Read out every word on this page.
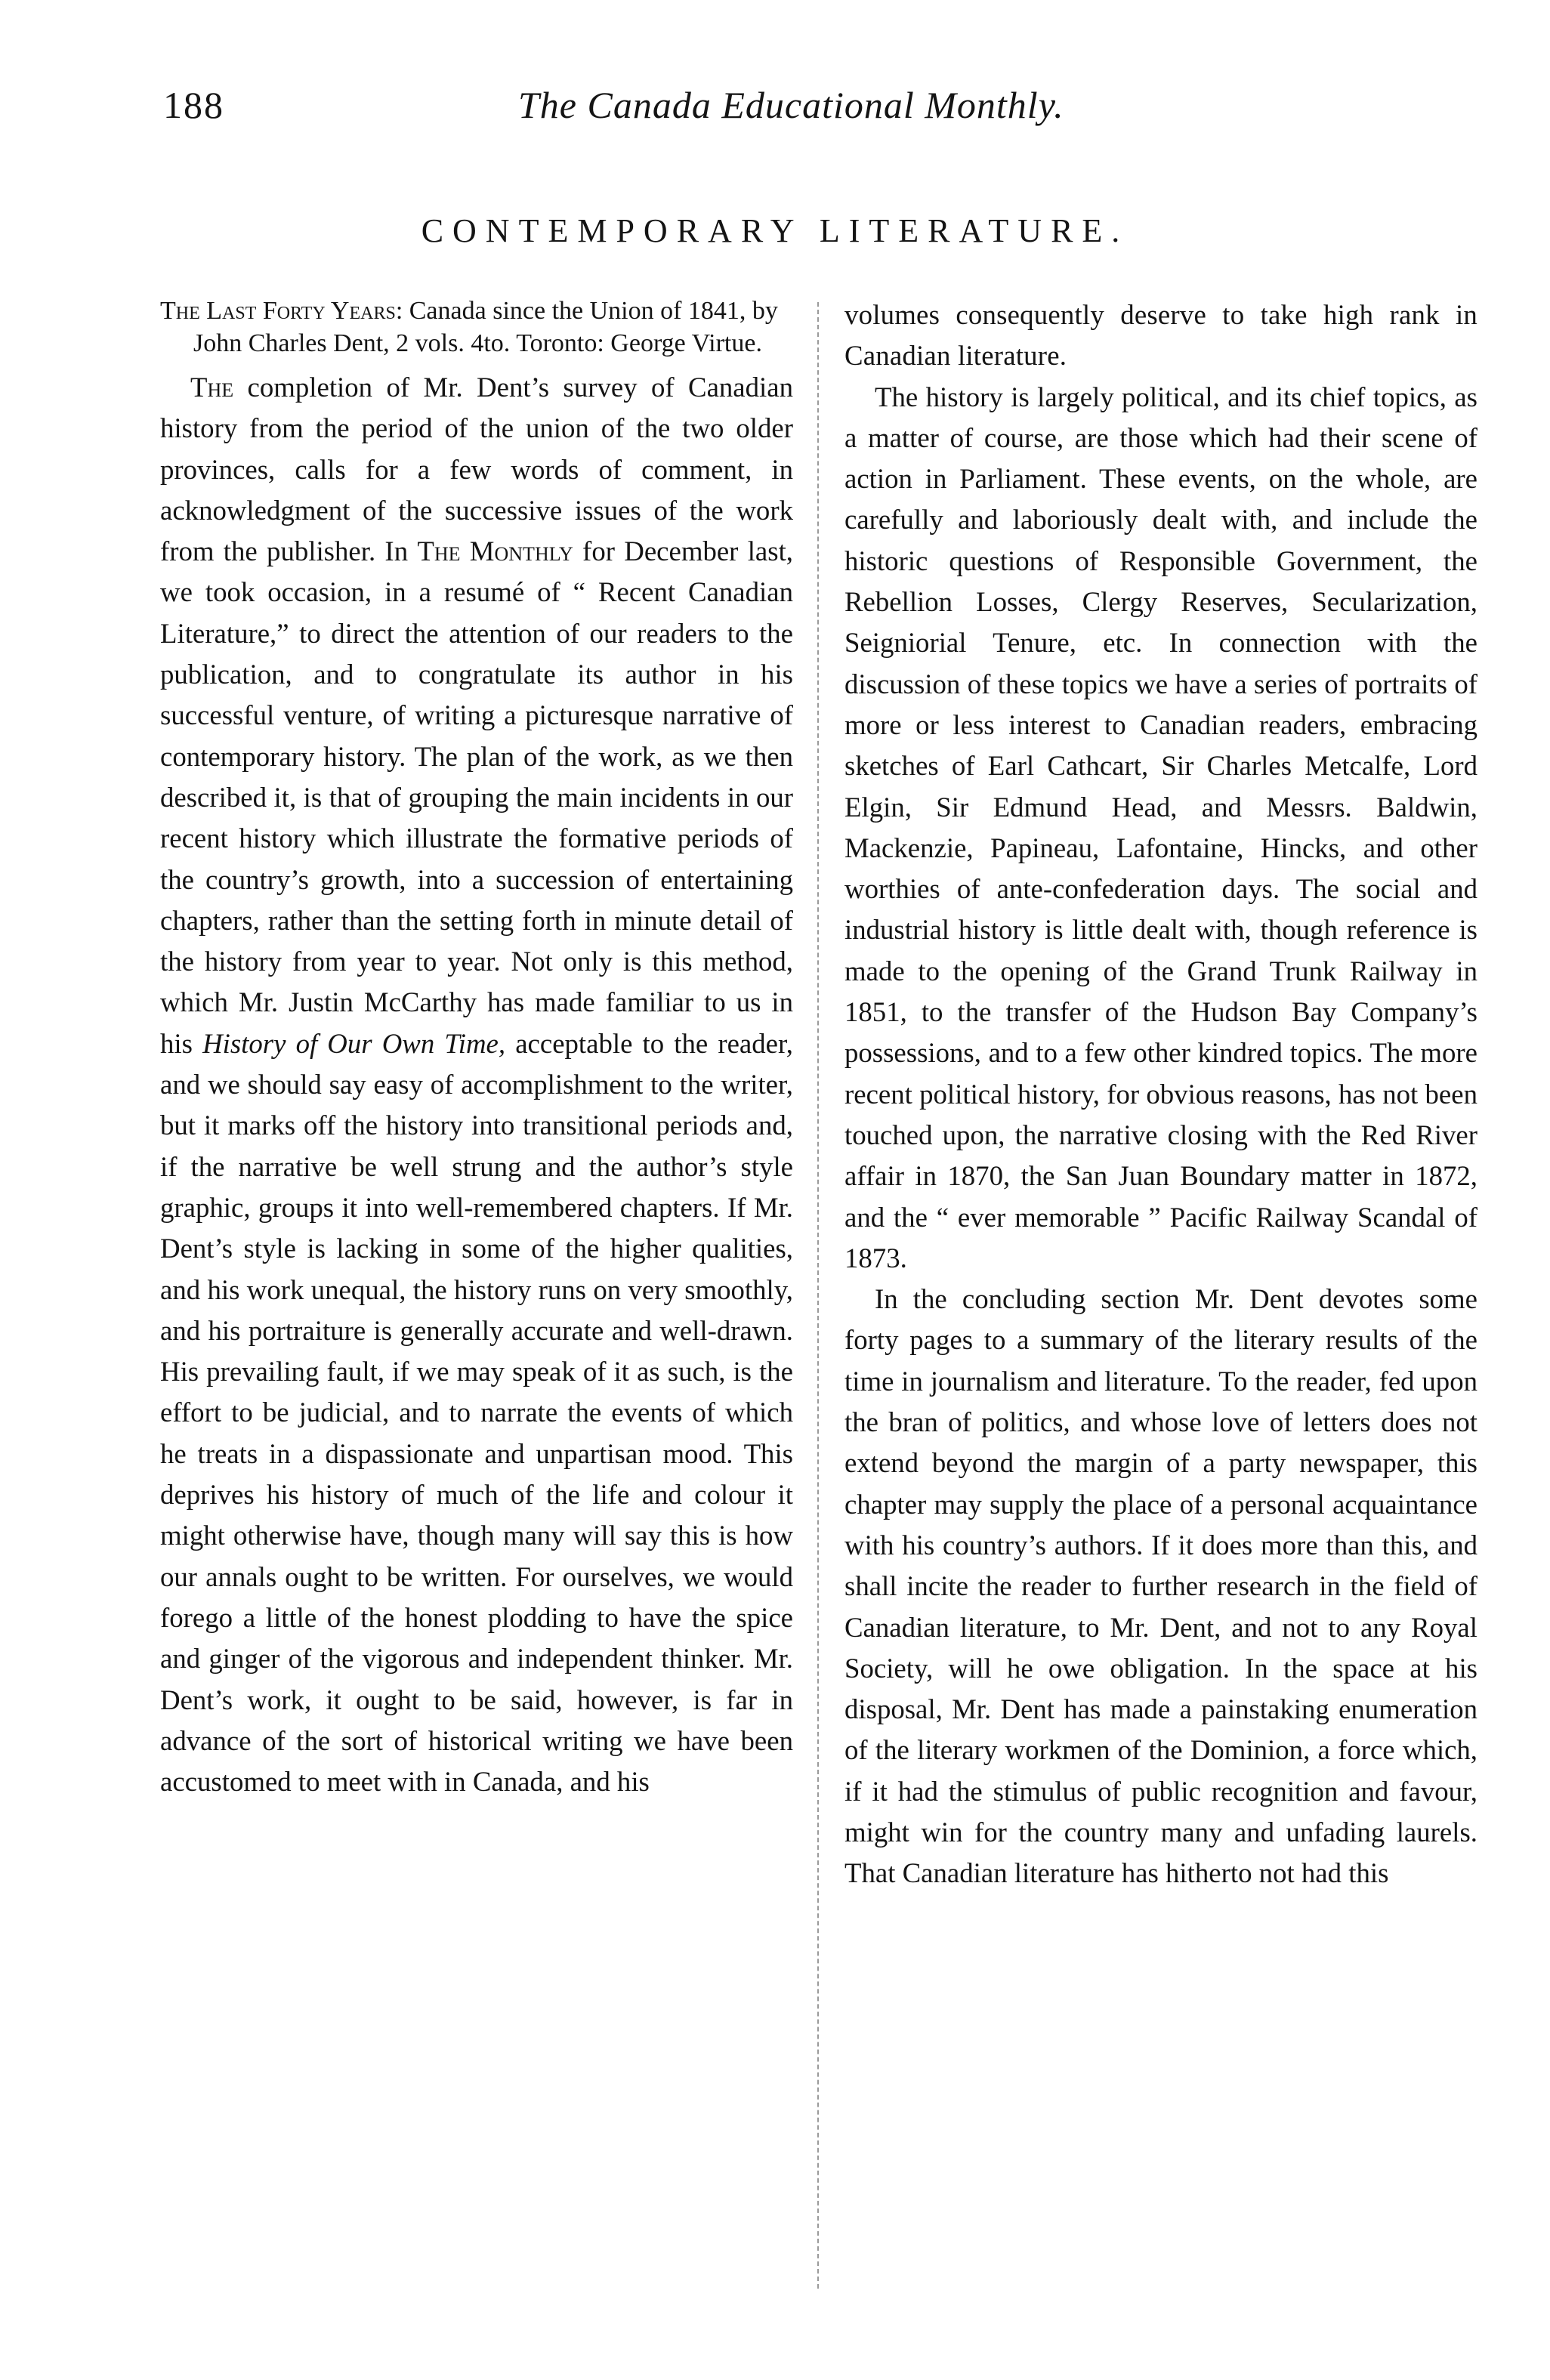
188	The Canada Educational Monthly.
CONTEMPORARY LITERATURE.

The Last Forty Years: Canada since the Union of 1841, by John Charles Dent, 2 vols. 4to. Toronto: George Virtue.

The completion of Mr. Dent’s survey of Canadian history from the period of the union of the two older provinces, calls for a few words of comment, in acknowledgment of the successive issues of the work from the publisher. In The Monthly for December last, we took occasion, in a resumé of “ Recent Canadian Literature,” to direct the attention of our readers to the publication, and to congratulate its author in his successful venture, of writing a picturesque narrative of contemporary history. The plan of the work, as we then described it, is that of grouping the main incidents in our recent history which illustrate the formative periods of the country’s growth, into a succession of entertaining chapters, rather than the setting forth in minute detail of the history from year to year. Not only is this method, which Mr. Justin McCarthy has made familiar to us in his History of Our Own Time, acceptable to the reader, and we should say easy of accomplishment to the writer, but it marks off the history into transitional periods and, if the narrative be well strung and the author’s style graphic, groups it into well-remembered chapters. If Mr. Dent’s style is lacking in some of the higher qualities, and his work unequal, the history runs on very smoothly, and his portraiture is generally accurate and well-drawn. His prevailing fault, if we may speak of it as such, is the effort to be judicial, and to narrate the events of which he treats in a dispassionate and unpartisan mood. This deprives his history of much of the life and colour it might otherwise have, though many will say this is how our annals ought to be written. For ourselves, we would forego a little of the honest plodding to have the spice and ginger of the vigorous and independent thinker. Mr. Dent’s work, it ought to be said, however, is far in advance of the sort of historical writing we have been accustomed to meet with in Canada, and his

volumes consequently deserve to take high rank in Canadian literature.

The history is largely political, and its chief topics, as a matter of course, are those which had their scene of action in Parliament. These events, on the whole, are carefully and laboriously dealt with, and include the historic questions of Responsible Government, the Rebellion Losses, Clergy Reserves, Secularization, Seigniorial Tenure, etc. In connection with the discussion of these topics we have a series of portraits of more or less interest to Canadian readers, embracing sketches of Earl Cathcart, Sir Charles Metcalfe, Lord Elgin, Sir Edmund Head, and Messrs. Baldwin, Mackenzie, Papineau, Lafontaine, Hincks, and other worthies of ante-confederation days. The social and industrial history is little dealt with, though reference is made to the opening of the Grand Trunk Railway in 1851, to the transfer of the Hudson Bay Company’s possessions, and to a few other kindred topics. The more recent political history, for obvious reasons, has not been touched upon, the narrative closing with the Red River affair in 1870, the San Juan Boundary matter in 1872, and the “ ever memorable ” Pacific Railway Scandal of 1873.

In the concluding section Mr. Dent devotes some forty pages to a summary of the literary results of the time in journalism and literature. To the reader, fed upon the bran of politics, and whose love of letters does not extend beyond the margin of a party newspaper, this chapter may supply the place of a personal acquaintance with his country’s authors. If it does more than this, and shall incite the reader to further research in the field of Canadian literature, to Mr. Dent, and not to any Royal Society, will he owe obligation. In the space at his disposal, Mr. Dent has made a painstaking enumeration of the literary workmen of the Dominion, a force which, if it had the stimulus of public recognition and favour, might win for the country many and unfading laurels. That Canadian literature has hitherto not had this
